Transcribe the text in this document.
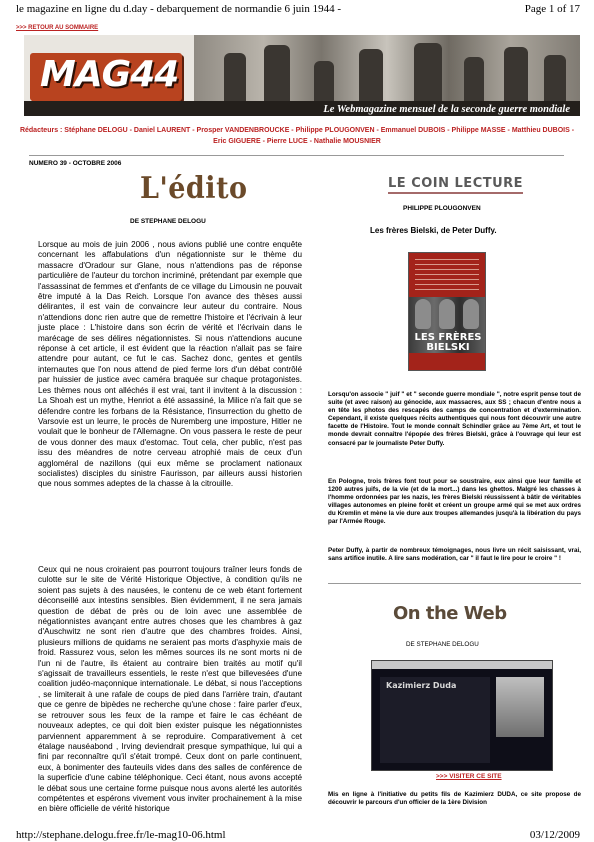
le magazine en ligne du d.day - debarquement de normandie 6 juin 1944 -	Page 1 of 17
>>> RETOUR AU SOMMAIRE
MAG44
Le Webmagazine mensuel de la seconde guerre mondiale
Rédacteurs : Stéphane DELOGU - Daniel LAURENT - Prosper VANDENBROUCKE - Philippe PLOUGONVEN - Emmanuel DUBOIS - Philippe MASSE - Matthieu DUBOIS -
Eric GIGUERE - Pierre LUCE - Nathalie MOUSNIER
NUMERO 39 - OCTOBRE 2006
L'édito
DE STEPHANE DELOGU
Lorsque au mois de juin 2006 , nous avions publié une contre enquête concernant les affabulations d'un négationniste sur le thème du massacre d'Oradour sur Glane, nous n'attendions pas de réponse particulière de l'auteur du torchon incriminé, prétendant par exemple que l'assassinat de femmes et d'enfants de ce village du Limousin ne pouvait être imputé à la Das Reich. Lorsque l'on avance des thèses aussi délirantes, il est vain de convaincre leur auteur du contraire. Nous n'attendions donc rien autre que de remettre l'histoire et l'écrivain à leur juste place : L'histoire dans son écrin de vérité et l'écrivain dans le marécage de ses délires négationnistes. Si nous n'attendions aucune réponse à cet article, il est évident que la réaction n'allait pas se faire attendre pour autant, ce fut le cas. Sachez donc, gentes et gentils internautes que l'on nous attend de pied ferme lors d'un débat contrôlé par huissier de justice avec caméra braquée sur chaque protagonistes. Les thèmes nous ont alléchés il est vrai, tant il invitent à la discussion : La Shoah est un mythe, Henriot a été assassiné, la Milice n'a fait que se défendre contre les forbans de la Résistance, l'insurrection du ghetto de Varsovie est un leurre, le procès de Nuremberg une imposture, Hitler ne voulait que le bonheur de l'Allemagne. On vous passera le reste de peur de vous donner des maux d'estomac. Tout cela, cher public, n'est pas issu des méandres de notre cerveau atrophié mais de ceux d'un aggloméral de nazillons (qui eux même se proclament nationaux socialistes) disciples du sinistre Faurisson, par ailleurs aussi historien que nous sommes adeptes de la chasse à la citrouille.
Ceux qui ne nous croiraient pas pourront toujours traîner leurs fonds de culotte sur le site de Vérité Historique Objective, à condition qu'ils ne soient pas sujets à des nausées, le contenu de ce web étant fortement déconseillé aux intestins sensibles. Bien évidemment, il ne sera jamais question de débat de près ou de loin avec une assemblée de négationnistes avançant entre autres choses que les chambres à gaz d'Auschwitz ne sont rien d'autre que des chambres froides. Ainsi, plusieurs millions de quidams ne seraient pas morts d'asphyxie mais de froid. Rassurez vous, selon les mêmes sources ils ne sont morts ni de l'un ni de l'autre, ils étaient au contraire bien traités au motif qu'il s'agissait de travailleurs essentiels, le reste n'est que billevesées d'une coalition judéo-maçonnique internationale. Le débat, si nous l'acceptions , se limiterait à une rafale de coups de pied dans l'arrière train, d'autant que ce genre de bipèdes ne recherche qu'une chose : faire parler d'eux, se retrouver sous les feux de la rampe et faire le cas échéant de nouveaux adeptes, ce qui doit bien exister puisque les négationnistes parviennent apparemment à se reproduire. Comparativement à cet étalage nauséabond , Irving deviendrait presque sympathique, lui qui a fini par reconnaître qu'il s'était trompé. Ceux dont on parle continuent, eux, à bonimenter des fauteuils vides dans des salles de conférence de la superficie d'une cabine téléphonique. Ceci étant, nous avons accepté le débat sous une certaine forme puisque nous avons alerté les autorités compétentes et espérons vivement vous inviter prochainement à la mise en bière officielle de vérité historique
LE COIN LECTURE
PHILIPPE PLOUGONVEN
Les frères Bielski, de Peter Duffy.
LES FRÈRES
BIELSKI
Lorsqu'on associe " juif " et " seconde guerre mondiale ", notre esprit pense tout de suite (et avec raison) au génocide, aux massacres, aux SS ; chacun d'entre nous a en tête les photos des rescapés des camps de concentration et d'extermination. Cependant, il existe quelques récits authentiques qui nous font découvrir une autre facette de l'Histoire. Tout le monde connaît Schindler grâce au 7ème Art, et tout le monde devrait connaître l'épopée des frères Bielski, grâce à l'ouvrage qui leur est consacré par le journaliste Peter Duffy.
En Pologne, trois frères font tout pour se soustraire, eux ainsi que leur famille et 1200 autres juifs, de la vie (et de la mort...) dans les ghettos. Malgré les chasses à l'homme ordonnées par les nazis, les frères Bielski réussissent à bâtir de véritables villages autonomes en pleine forêt et créent un groupe armé qui se met aux ordres du Kremlin et mène la vie dure aux troupes allemandes jusqu'à la libération du pays par l'Armée Rouge.
Peter Duffy, à partir de nombreux témoignages, nous livre un récit saisissant, vrai, sans artifice inutile. A lire sans modération, car " il faut le lire pour le croire " !
On the Web
DE STEPHANE DELOGU
Kazimierz Duda
>>> VISITER CE SITE
Mis en ligne à l'initiative du petits fils de Kazimierz DUDA, ce site propose de découvrir le parcours d'un officier de la 1ère Division
http://stephane.delogu.free.fr/le-mag10-06.html	03/12/2009
